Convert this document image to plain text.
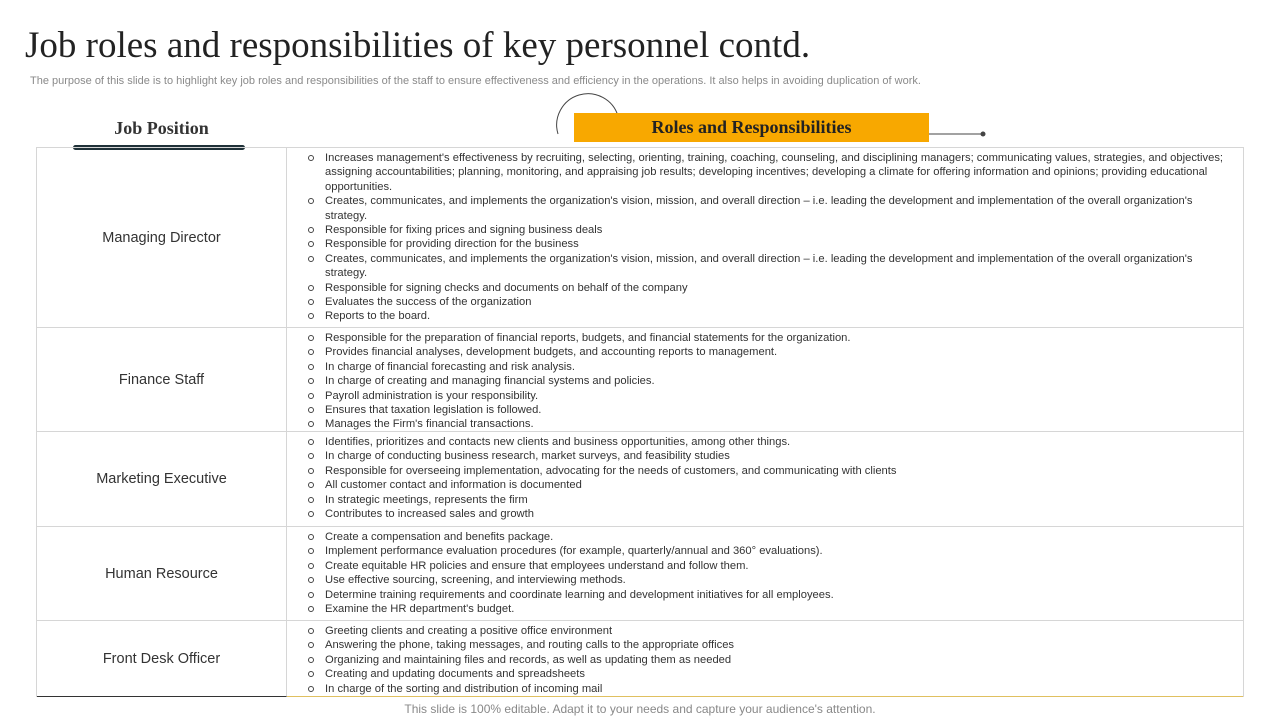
Job roles and responsibilities of key personnel contd.

The purpose of this slide is to highlight key job roles and responsibilities of the staff to ensure effectiveness and efficiency in the operations. It also helps in avoiding duplication of work.

Job Position	Roles and Responsibilities
Managing Director
Increases management's effectiveness by recruiting, selecting, orienting, training, coaching, counseling, and disciplining managers; communicating values, strategies, and objectives; assigning accountabilities; planning, monitoring, and appraising job results; developing incentives; developing a climate for offering information and opinions; providing educational opportunities.
Creates, communicates, and implements the organization's vision, mission, and overall direction – i.e. leading the development and implementation of the overall organization's strategy.
Responsible for fixing prices and signing business deals
Responsible for providing direction for the business
Creates, communicates, and implements the organization's vision, mission, and overall direction – i.e. leading the development and implementation of the overall organization's strategy.
Responsible for signing checks and documents on behalf of the company
Evaluates the success of the organization
Reports to the board.
Finance Staff
Responsible for the preparation of financial reports, budgets, and financial statements for the organization.
Provides financial analyses, development budgets, and accounting reports to management.
In charge of financial forecasting and risk analysis.
In charge of creating and managing financial systems and policies.
Payroll administration is your responsibility.
Ensures that taxation legislation is followed.
Manages the Firm's financial transactions.
Marketing Executive
Identifies, prioritizes and contacts new clients and business opportunities, among other things.
In charge of conducting business research, market surveys, and feasibility studies
Responsible for overseeing implementation, advocating for the needs of customers, and communicating with clients
All customer contact and information is documented
In strategic meetings, represents the firm
Contributes to increased sales and growth
Human Resource
Create a compensation and benefits package.
Implement performance evaluation procedures (for example, quarterly/annual and 360° evaluations).
Create equitable HR policies and ensure that employees understand and follow them.
Use effective sourcing, screening, and interviewing methods.
Determine training requirements and coordinate learning and development initiatives for all employees.
Examine the HR department's budget.
Front Desk Officer
Greeting clients and creating a positive office environment
Answering the phone, taking messages, and routing calls to the appropriate offices
Organizing and maintaining files and records, as well as updating them as needed
Creating and updating documents and spreadsheets
In charge of the sorting and distribution of incoming mail

This slide is 100% editable. Adapt it to your needs and capture your audience's attention.
